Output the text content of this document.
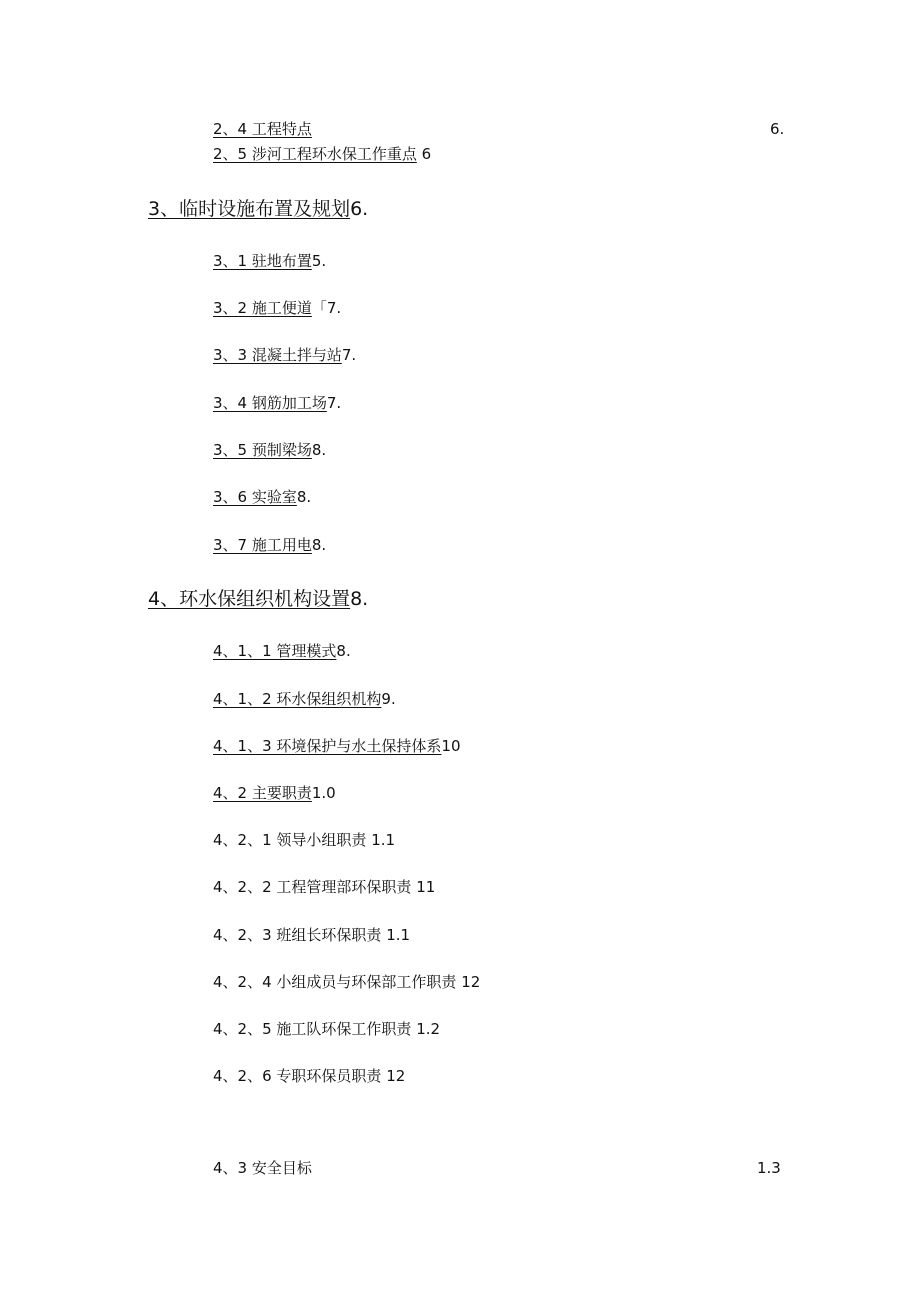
2、4 工程特点	6.
2、5 涉河工程环水保工作重点 6
3、临时设施布置及规划6.
3、1 驻地布置5.
3、2 施工便道「7.
3、3 混凝土拌与站7.
3、4 钢筋加工场7.
3、5 预制梁场8.
3、6 实验室8.
3、7 施工用电8.
4、环水保组织机构设置8.
4、1、1 管理模式8.
4、1、2 环水保组织机构9.
4、1、3 环境保护与水土保持体系10
4、2 主要职责1.0
4、2、1 领导小组职责 1.1
4、2、2 工程管理部环保职责 11
4、2、3 班组长环保职责 1.1
4、2、4 小组成员与环保部工作职责 12
4、2、5 施工队环保工作职责 1.2
4、2、6 专职环保员职责 12
4、3 安全目标	1.3
